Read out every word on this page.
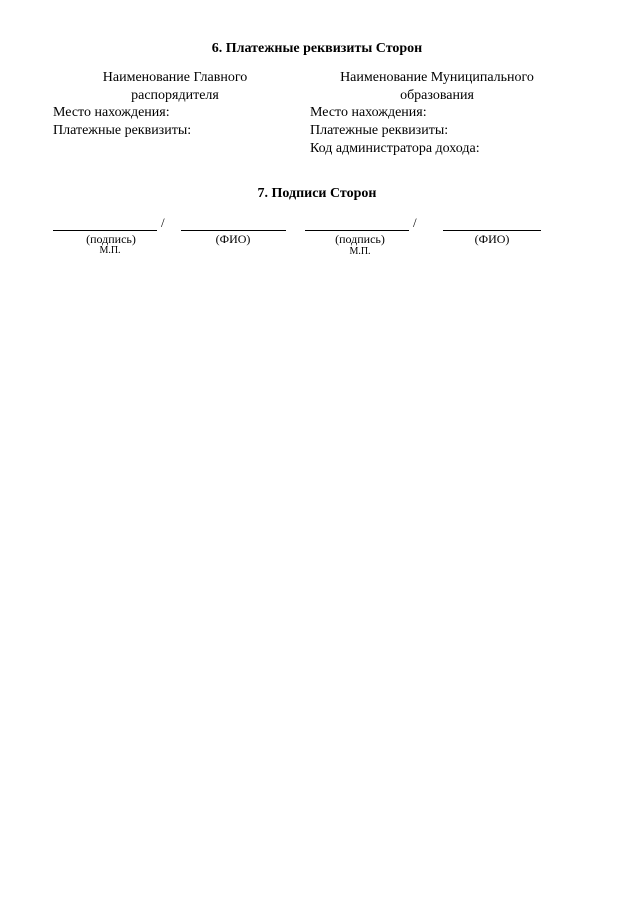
6. Платежные реквизиты Сторон
Наименование Главного
распорядителя
Наименование Муниципального
образования
Место нахождения:
Платежные реквизиты:
Место нахождения:
Платежные реквизиты:
Код администратора дохода:
7. Подписи Сторон
/
(подпись)	(ФИО)
М.П.
/
(подпись)	(ФИО)
М.П.
